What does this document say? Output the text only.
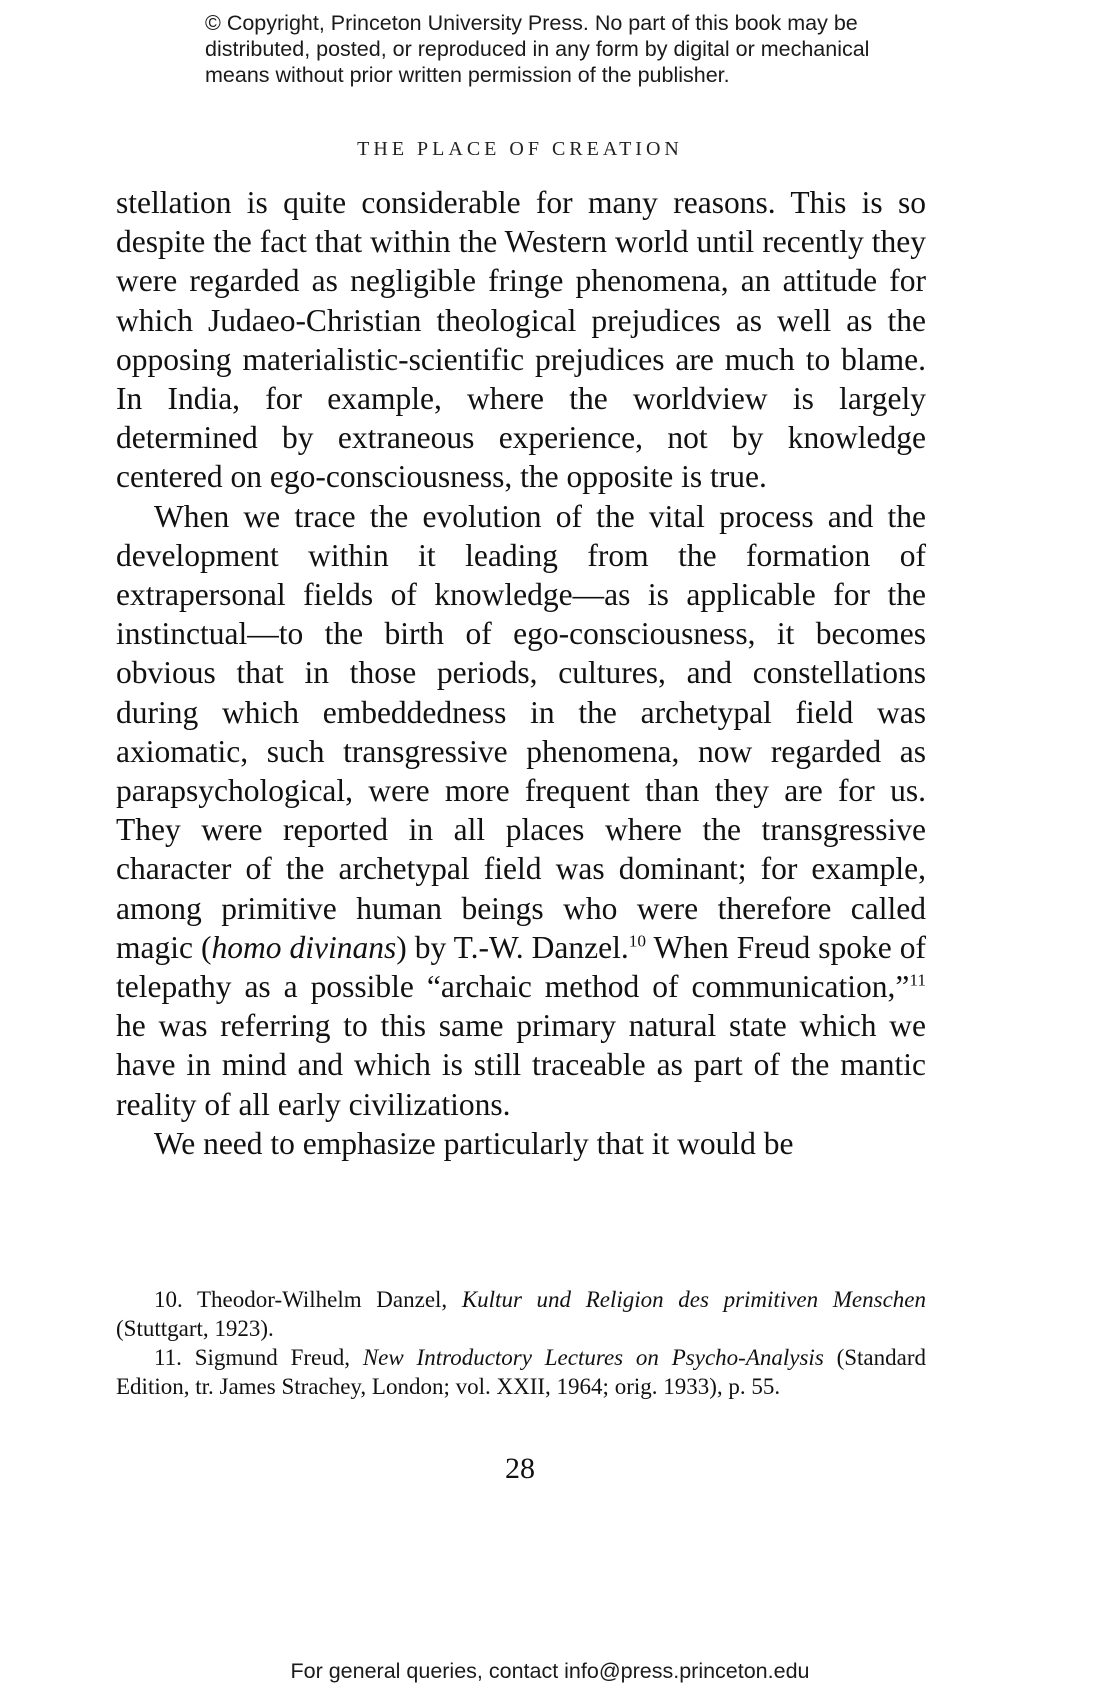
© Copyright, Princeton University Press. No part of this book may be
distributed, posted, or reproduced in any form by digital or mechanical
means without prior written permission of the publisher.
THE PLACE OF CREATION

stellation is quite considerable for many reasons. This is so despite the fact that within the Western world until recently they were regarded as negligible fringe phenomena, an attitude for which Judaeo-Christian theological prejudices as well as the opposing materialistic-scientific prejudices are much to blame. In India, for example, where the worldview is largely determined by extraneous experience, not by knowledge centered on ego-consciousness, the opposite is true.

When we trace the evolution of the vital process and the development within it leading from the formation of extrapersonal fields of knowledge—as is applicable for the instinctual—to the birth of ego-consciousness, it becomes obvious that in those periods, cultures, and constellations during which embeddedness in the archetypal field was axiomatic, such transgressive phenomena, now regarded as parapsychological, were more frequent than they are for us. They were reported in all places where the transgressive character of the archetypal field was dominant; for example, among primitive human beings who were therefore called magic (homo divinans) by T.-W. Danzel.$^{10}$ When Freud spoke of telepathy as a possible “archaic method of communication,”$^{11}$ he was referring to this same primary natural state which we have in mind and which is still traceable as part of the mantic reality of all early civilizations.

We need to emphasize particularly that it would be

10. Theodor-Wilhelm Danzel, Kultur und Religion des primitiven Menschen (Stuttgart, 1923).

11. Sigmund Freud, New Introductory Lectures on Psycho-Analysis (Standard Edition, tr. James Strachey, London; vol. XXII, 1964; orig. 1933), p. 55.

28
For general queries, contact info@press.princeton.edu
